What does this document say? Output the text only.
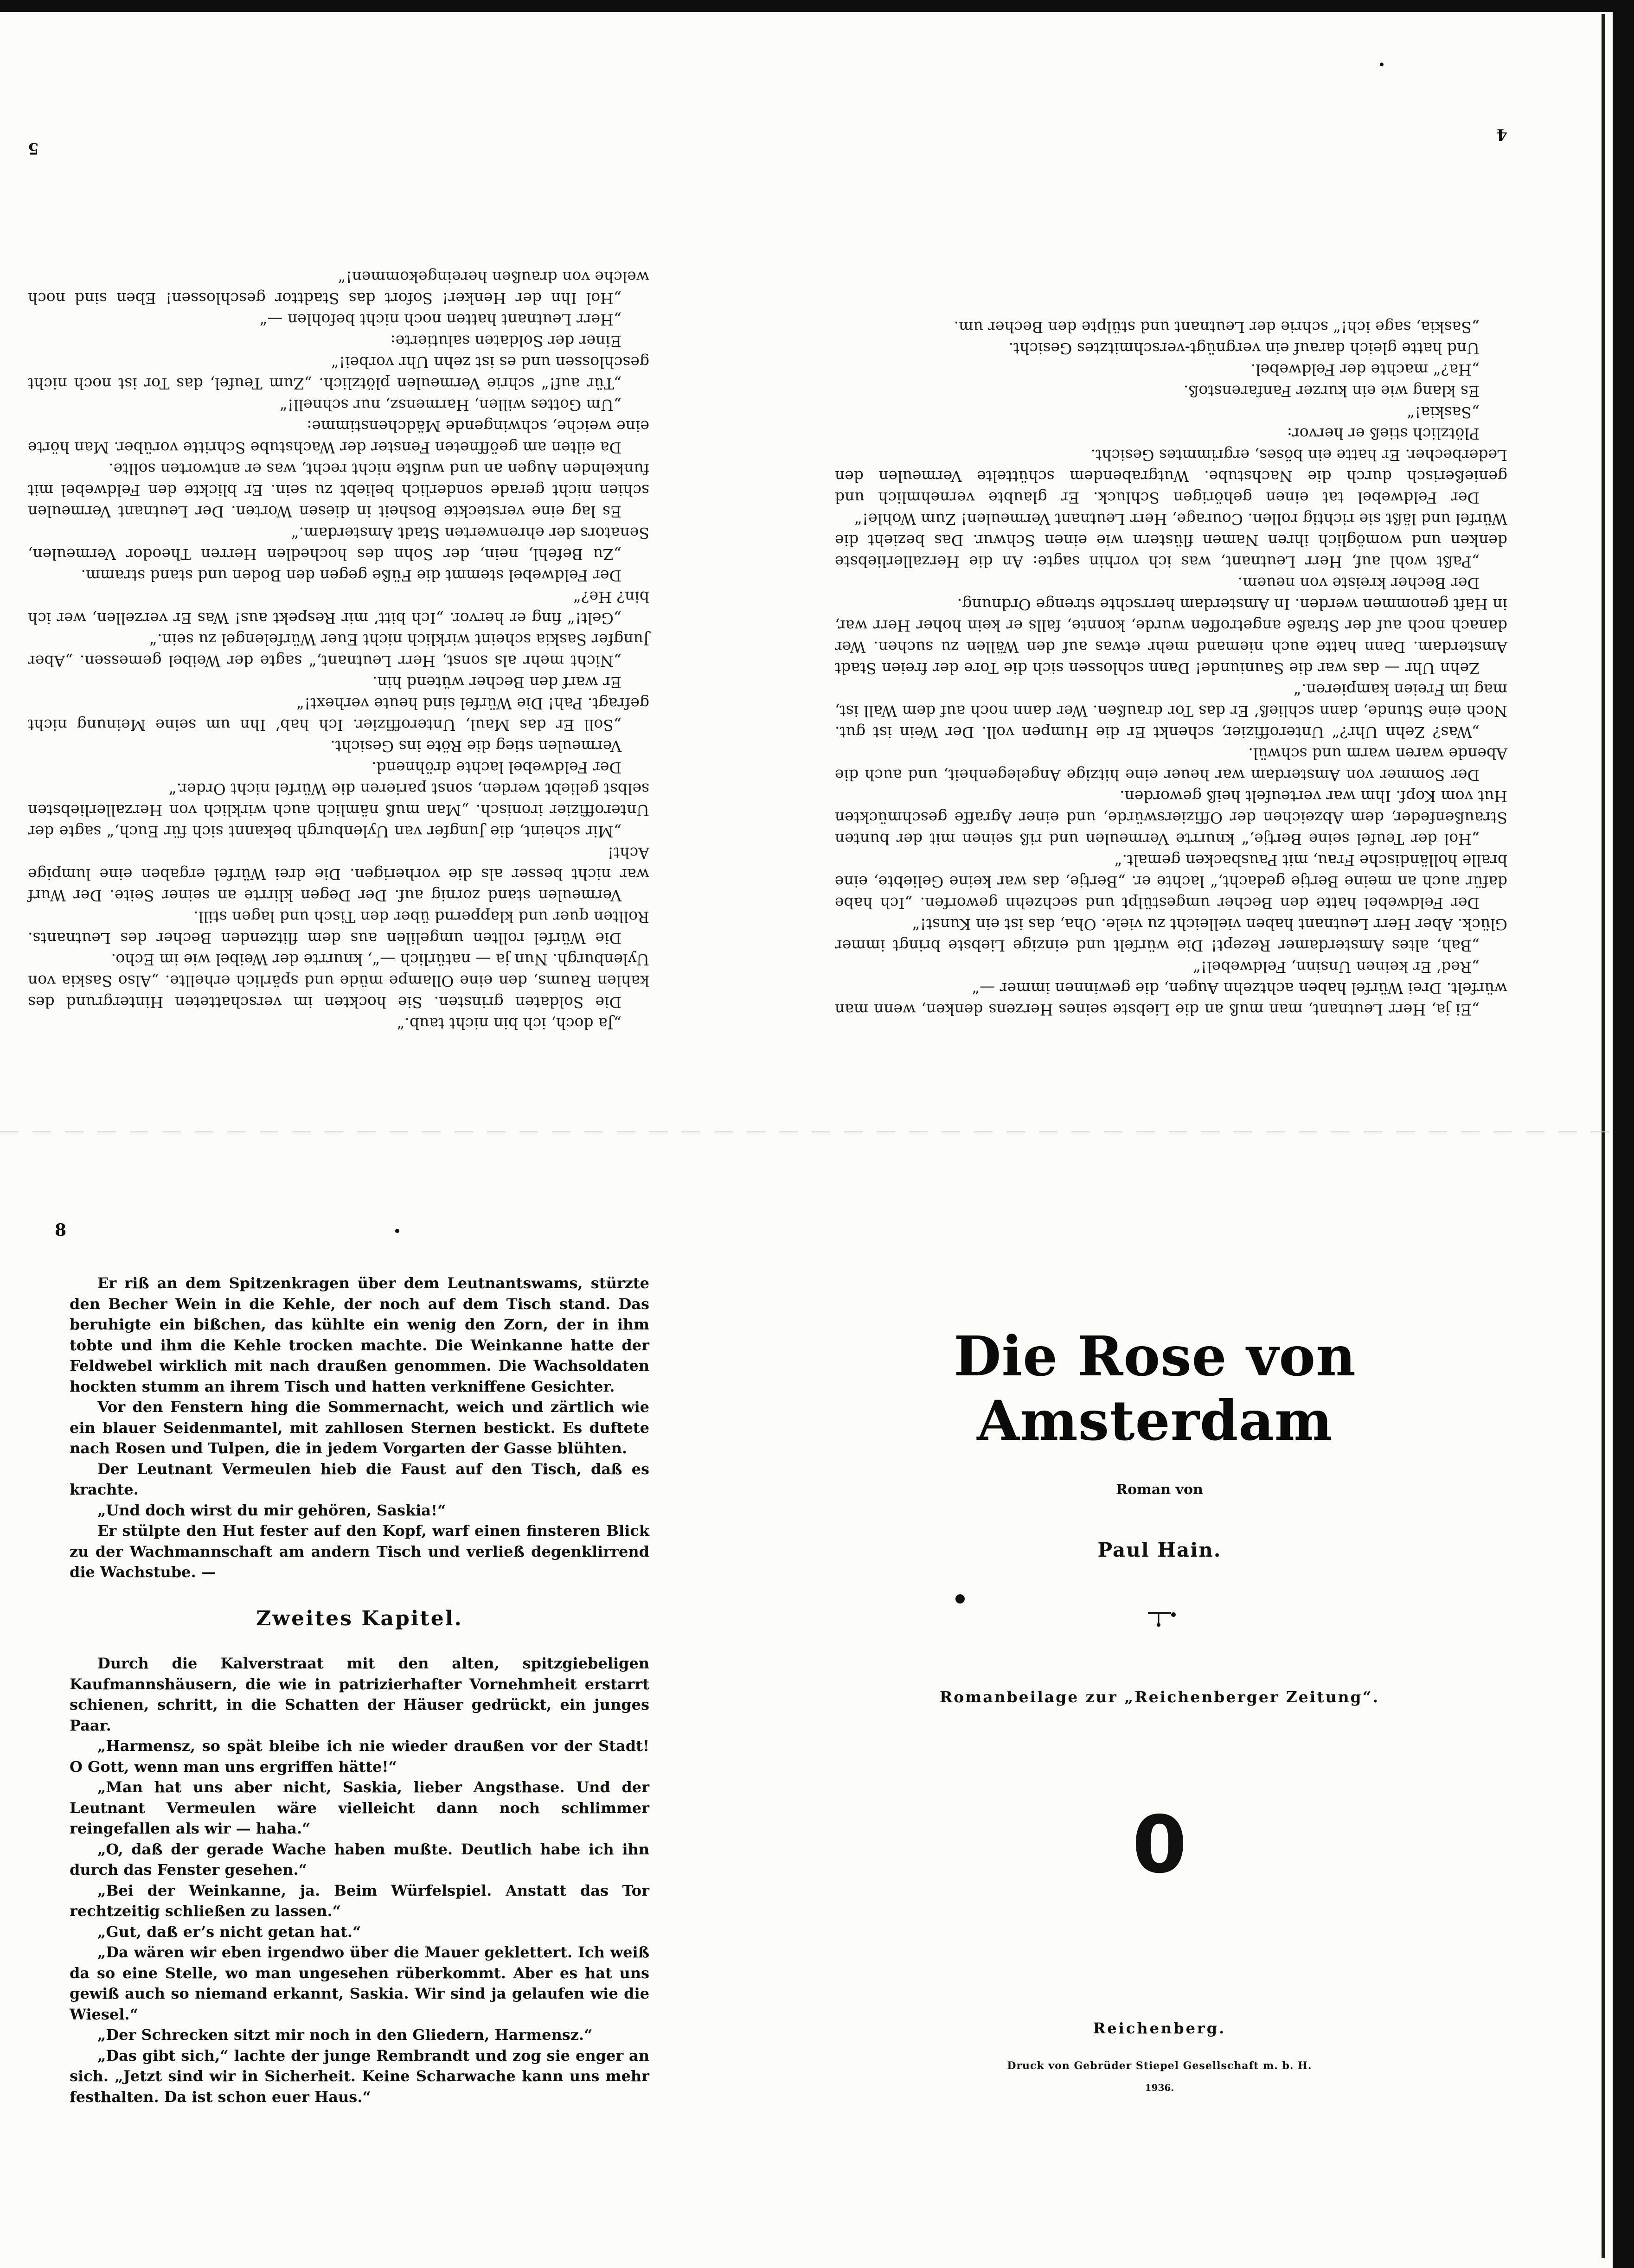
4

„Ei ja, Herr Leutnant, man muß an die Liebste seines Herzens denken, wenn man würfelt. Drei Würfel haben achtzehn Augen, die gewinnen immer —“

„Red’ Er keinen Unsinn, Feldwebel!“

„Bah, altes Amsterdamer Rezept! Die würfelt und einzige Liebste bringt immer Glück. Aber Herr Leutnant haben vielleicht zu viele. Oha, das ist ein Kunst!“

Der Feldwebel hatte den Becher umgestülpt und sechzehn geworfen. „Ich habe dafür auch an meine Bertje gedacht,“ lachte er. „Bertje, das war keine Geliebte, eine bralle holländische Frau, mit Pausbacken gemalt.“

„Hol der Teufel seine Bertje,“ knurrte Vermeulen und riß seinen mit der bunten Straußenfeder, dem Abzeichen der Offizierswürde, und einer Agraffe geschmückten Hut vom Kopf. Ihm war verteufelt heiß geworden.

Der Sommer von Amsterdam war heuer eine hitzige Angelegenheit, und auch die Abende waren warm und schwül.

„Was? Zehn Uhr?“ Unteroffizier, schenkt Er die Humpen voll. Der Wein ist gut. Noch eine Stunde, dann schließ’ Er das Tor draußen. Wer dann noch auf dem Wall ist, mag im Freien kampieren.“

Zehn Uhr — das war die Sauniunde! Dann schlossen sich die Tore der freien Stadt Amsterdam. Dann hatte auch niemand mehr etwas auf den Wällen zu suchen. Wer danach noch auf der Straße angetroffen wurde, konnte, falls er kein hoher Herr war, in Haft genommen werden. In Amsterdam herrschte strenge Ordnung.

Der Becher kreiste von neuem.

„Paßt wohl auf, Herr Leutnant, was ich vorhin sagte: An die Herzallerliebste denken und womöglich ihren Namen flüstern wie einen Schwur. Das bezieht die Würfel und läßt sie richtig rollen. Courage, Herr Leutnant Vermeulen! Zum Wohle!“

Der Feldwebel tat einen gehörigen Schluck. Er glaubte vernehmlich und genießerisch durch die Nachstube. Wutgrabendem schüttelte Vermeulen den Lederbecher. Er hatte ein böses, ergrimmtes Gesicht.

Plötzlich stieß er hervor:

„Saskia!“

Es klang wie ein kurzer Fanfarenstoß.

„Ha?“ machte der Feldwebel.

Und hatte gleich darauf ein vergnügt-verschmitztes Gesicht.

„Saskia, sage ich!“ schrie der Leutnant und stülpte den Becher um.

5

„Ja doch, ich bin nicht taub.“

Die Soldaten grinsten. Sie hockten im verschatteten Hintergrund des kahlen Raums, den eine Ollampe müde und spärlich erhellte. „Also Saskia von Uylenburgh. Nun ja — natürlich —“, knurrte der Weibel wie im Echo.

Die Würfel rollten umgelilen aus dem flitzenden Becher des Leutnants. Rollten quer und klappernd über den Tisch und lagen still.

Vermeulen stand zornig auf. Der Degen klirrte an seiner Seite. Der Wurf war nicht besser als die vorherigen. Die drei Würfel ergaben eine lumpige Acht!

„Mir scheint, die Jungfer van Uylenburgh bekannt sich für Euch,“ sagte der Unteroffizier ironisch. „Man muß nämlich auch wirklich von Herzallerliebsten selbst geliebt werden, sonst parieren die Würfel nicht Order.“

Der Feldwebel lachte dröhnend.

Vermeulen stieg die Röte ins Gesicht.

„Soll Er das Maul, Unteroffizier. Ich hab’ Ihn um seine Meinung nicht gefragt. Pah! Die Würfel sind heute verhext!“

Er warf den Becher wütend hin.

„Nicht mehr als sonst, Herr Leutnant,“ sagte der Weibel gemessen. „Aber Jungfer Saskia scheint wirklich nicht Euer Würfelengel zu sein.“

„Gelt!“ fing er hervor. „Ich bitt’ mir Respekt aus! Was Er verzellen, wer ich bin? He?“

Der Feldwebel stemmt die Füße gegen den Boden und stand stramm.

„Zu Befehl, nein, der Sohn des hochedlen Herren Theodor Vermeulen, Senators der ehrenwerten Stadt Amsterdam.“

Es lag eine versteckte Bosheit in diesen Worten. Der Leutnant Vermeulen schien nicht gerade sonderlich beliebt zu sein. Er blickte den Feldwebel mit funkelnden Augen an und wußte nicht recht, was er antworten sollte.

Da eilten am geöffneten Fenster der Wachstube Schritte vorüber. Man hörte eine weiche, schwingende Mädchenstimme:

„Um Gottes willen, Harmensz, nur schnell!“

„Tür auf!“ schrie Vermeulen plötzlich. „Zum Teufel, das Tor ist noch nicht geschlossen und es ist zehn Uhr vorbei!“

Einer der Soldaten salutierte:

„Herr Leutnant hatten noch nicht befohlen —“

„Hol Ihn der Henker! Sofort das Stadttor geschlossen! Eben sind noch welche von draußen hereingekommen!“

8

Er riß an dem Spitzenkragen über dem Leutnantswams, stürzte den Becher Wein in die Kehle, der noch auf dem Tisch stand. Das beruhigte ein bißchen, das kühlte ein wenig den Zorn, der in ihm tobte und ihm die Kehle trocken machte. Die Weinkanne hatte der Feldwebel wirklich mit nach draußen genommen. Die Wachsoldaten hockten stumm an ihrem Tisch und hatten verkniffene Gesichter.

Vor den Fenstern hing die Sommernacht, weich und zärtlich wie ein blauer Seidenmantel, mit zahllosen Sternen bestickt. Es duftete nach Rosen und Tulpen, die in jedem Vorgarten der Gasse blühten.

Der Leutnant Vermeulen hieb die Faust auf den Tisch, daß es krachte.

„Und doch wirst du mir gehören, Saskia!“

Er stülpte den Hut fester auf den Kopf, warf einen finsteren Blick zu der Wachmannschaft am andern Tisch und verließ degenklirrend die Wachstube. —

Zweites Kapitel.

Durch die Kalverstraat mit den alten, spitzgiebeligen Kaufmannshäusern, die wie in patrizierhafter Vornehmheit erstarrt schienen, schritt, in die Schatten der Häuser gedrückt, ein junges Paar.

„Harmensz, so spät bleibe ich nie wieder draußen vor der Stadt! O Gott, wenn man uns ergriffen hätte!“

„Man hat uns aber nicht, Saskia, lieber Angsthase. Und der Leutnant Vermeulen wäre vielleicht dann noch schlimmer reingefallen als wir — haha.“

„O, daß der gerade Wache haben mußte. Deutlich habe ich ihn durch das Fenster gesehen.“

„Bei der Weinkanne, ja. Beim Würfelspiel. Anstatt das Tor rechtzeitig schließen zu lassen.“

„Gut, daß er’s nicht getan hat.“

„Da wären wir eben irgendwo über die Mauer geklettert. Ich weiß da so eine Stelle, wo man ungesehen rüberkommt. Aber es hat uns gewiß auch so niemand erkannt, Saskia. Wir sind ja gelaufen wie die Wiesel.“

„Der Schrecken sitzt mir noch in den Gliedern, Harmensz.“

„Das gibt sich,“ lachte der junge Rembrandt und zog sie enger an sich. „Jetzt sind wir in Sicherheit. Keine Scharwache kann uns mehr festhalten. Da ist schon euer Haus.“

Die Rose von Amsterdam
Roman von
Paul Hain.
Romanbeilage zur „Reichenberger Zeitung“.
0
Reichenberg.
Druck von Gebrüder Stiepel Gesellschaft m. b. H.
1936.
